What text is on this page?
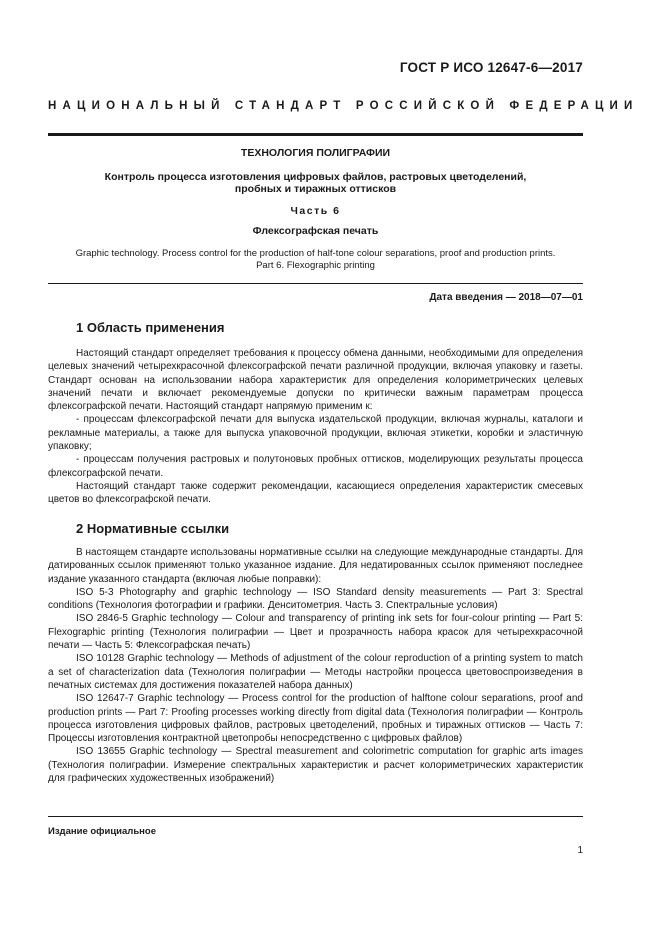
ГОСТ Р ИСО 12647-6—2017
НАЦИОНАЛЬНЫЙ СТАНДАРТ РОССИЙСКОЙ ФЕДЕРАЦИИ
ТЕХНОЛОГИЯ ПОЛИГРАФИИ
Контроль процесса изготовления цифровых файлов, растровых цветоделений,
пробных и тиражных оттисков
Часть 6
Флексографская печать
Graphic technology. Process control for the production of half-tone colour separations, proof and production prints.
Part 6. Flexographic printing
Дата введения — 2018—07—01
1 Область применения

Настоящий стандарт определяет требования к процессу обмена данными, необходимыми для определения целевых значений четырехкрасочной флексографской печати различной продукции, включая упаковку и газеты. Стандарт основан на использовании набора характеристик для определения колориметрических целевых значений печати и включает рекомендуемые допуски по критически важным параметрам процесса флексографской печати. Настоящий стандарт напрямую применим к:

- процессам флексографской печати для выпуска издательской продукции, включая журналы, каталоги и рекламные материалы, а также для выпуска упаковочной продукции, включая этикетки, коробки и эластичную упаковку;

- процессам получения растровых и полутоновых пробных оттисков, моделирующих результаты процесса флексографской печати.

Настоящий стандарт также содержит рекомендации, касающиеся определения характеристик смесевых цветов во флексографской печати.

2 Нормативные ссылки

В настоящем стандарте использованы нормативные ссылки на следующие международные стандарты. Для датированных ссылок применяют только указанное издание. Для недатированных ссылок применяют последнее издание указанного стандарта (включая любые поправки):

ISO 5-3 Photography and graphic technology — ISO Standard density measurements — Part 3: Spectral conditions (Технология фотографии и графики. Денситометрия. Часть 3. Спектральные условия)

ISO 2846-5 Graphic technology — Colour and transparency of printing ink sets for four-colour printing — Part 5: Flexographic printing (Технология полиграфии — Цвет и прозрачность набора красок для четырехкрасочной печати — Часть 5: Флексографская печать)

ISO 10128 Graphic technology — Methods of adjustment of the colour reproduction of a printing system to match a set of characterization data (Технология полиграфии — Методы настройки процесса цветовоспроизведения в печатных системах для достижения показателей набора данных)

ISO 12647-7 Graphic technology — Process control for the production of halftone colour separations, proof and production prints — Part 7: Proofing processes working directly from digital data (Технология полиграфии — Контроль процесса изготовления цифровых файлов, растровых цветоделений, пробных и тиражных оттисков — Часть 7: Процессы изготовления контрактной цветопробы непосредственно с цифровых файлов)

ISO 13655 Graphic technology — Spectral measurement and colorimetric computation for graphic arts images (Технология полиграфии. Измерение спектральных характеристик и расчет колориметрических характеристик для графических художественных изображений)

Издание официальное
1
